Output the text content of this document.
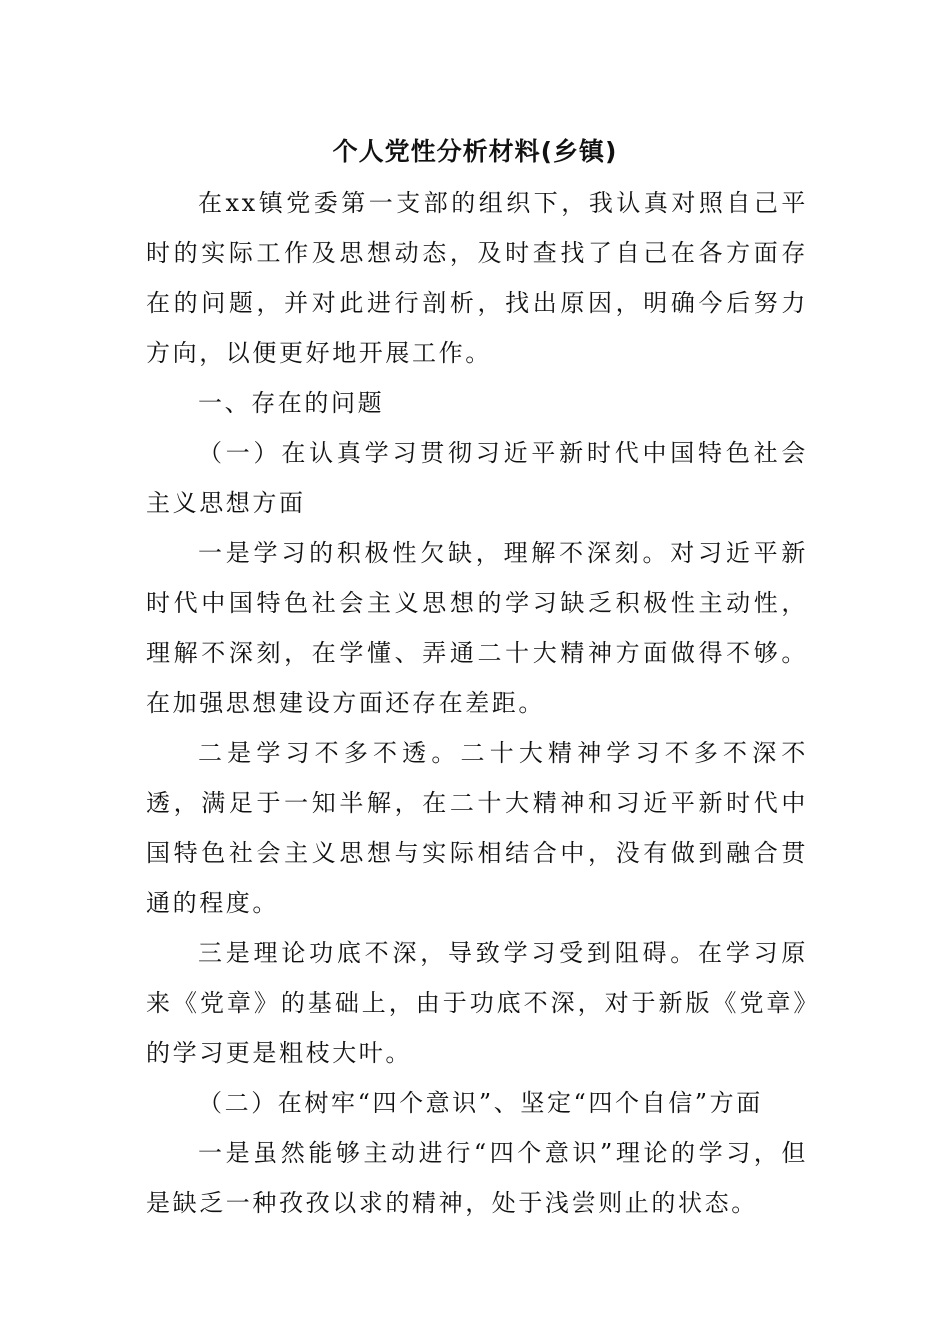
个人党性分析材料(乡镇)

在xx镇党委第一支部的组织下，我认真对照自己平时的实际工作及思想动态，及时查找了自己在各方面存在的问题，并对此进行剖析，找出原因，明确今后努力方向，以便更好地开展工作。

一、存在的问题

（一）在认真学习贯彻习近平新时代中国特色社会主义思想方面

一是学习的积极性欠缺，理解不深刻。对习近平新时代中国特色社会主义思想的学习缺乏积极性主动性，理解不深刻，在学懂、弄通二十大精神方面做得不够。在加强思想建设方面还存在差距。

二是学习不多不透。二十大精神学习不多不深不透，满足于一知半解，在二十大精神和习近平新时代中国特色社会主义思想与实际相结合中，没有做到融合贯通的程度。

三是理论功底不深，导致学习受到阻碍。在学习原来《党章》的基础上，由于功底不深，对于新版《党章》的学习更是粗枝大叶。

（二）在树牢“四个意识”、坚定“四个自信”方面

一是虽然能够主动进行“四个意识”理论的学习，但是缺乏一种孜孜以求的精神，处于浅尝则止的状态。
